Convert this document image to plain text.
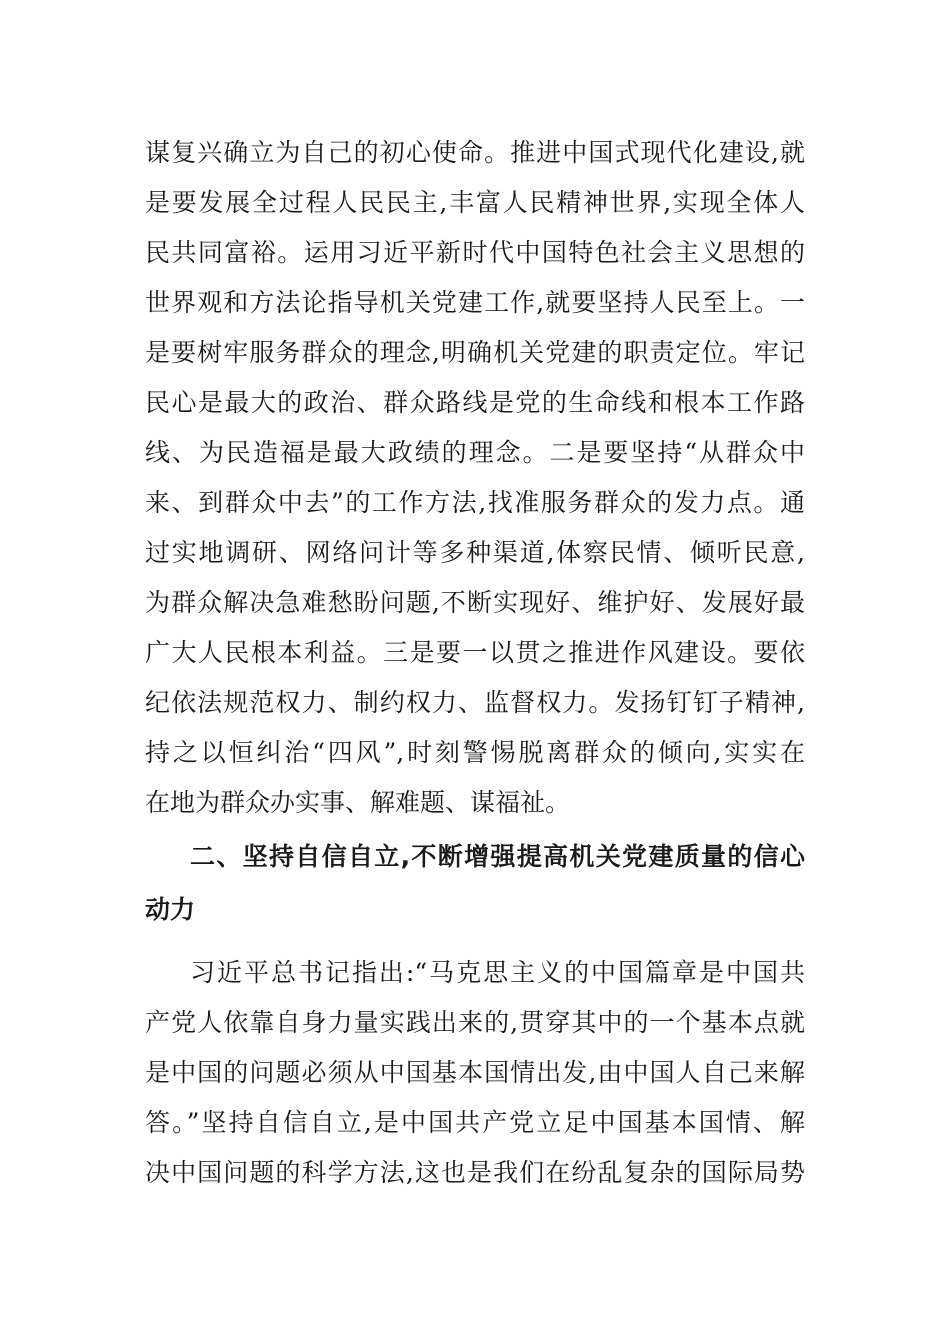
谋复兴确立为自己的初心使命。推进中国式现代化建设,就
是要发展全过程人民民主,丰富人民精神世界,实现全体人
民共同富裕。运用习近平新时代中国特色社会主义思想的
世界观和方法论指导机关党建工作,就要坚持人民至上。一
是要树牢服务群众的理念,明确机关党建的职责定位。牢记
民心是最大的政治、群众路线是党的生命线和根本工作路
线、为民造福是最大政绩的理念。二是要坚持“从群众中
来、到群众中去”的工作方法,找准服务群众的发力点。通
过实地调研、网络问计等多种渠道,体察民情、倾听民意,
为群众解决急难愁盼问题,不断实现好、维护好、发展好最
广大人民根本利益。三是要一以贯之推进作风建设。要依
纪依法规范权力、制约权力、监督权力。发扬钉钉子精神,
持之以恒纠治“四风”,时刻警惕脱离群众的倾向,实实在
在地为群众办实事、解难题、谋福祉。
二、坚持自信自立,不断增强提高机关党建质量的信心
动力
习近平总书记指出:“马克思主义的中国篇章是中国共
产党人依靠自身力量实践出来的,贯穿其中的一个基本点就
是中国的问题必须从中国基本国情出发,由中国人自己来解
答。”坚持自信自立,是中国共产党立足中国基本国情、解
决中国问题的科学方法,这也是我们在纷乱复杂的国际局势
